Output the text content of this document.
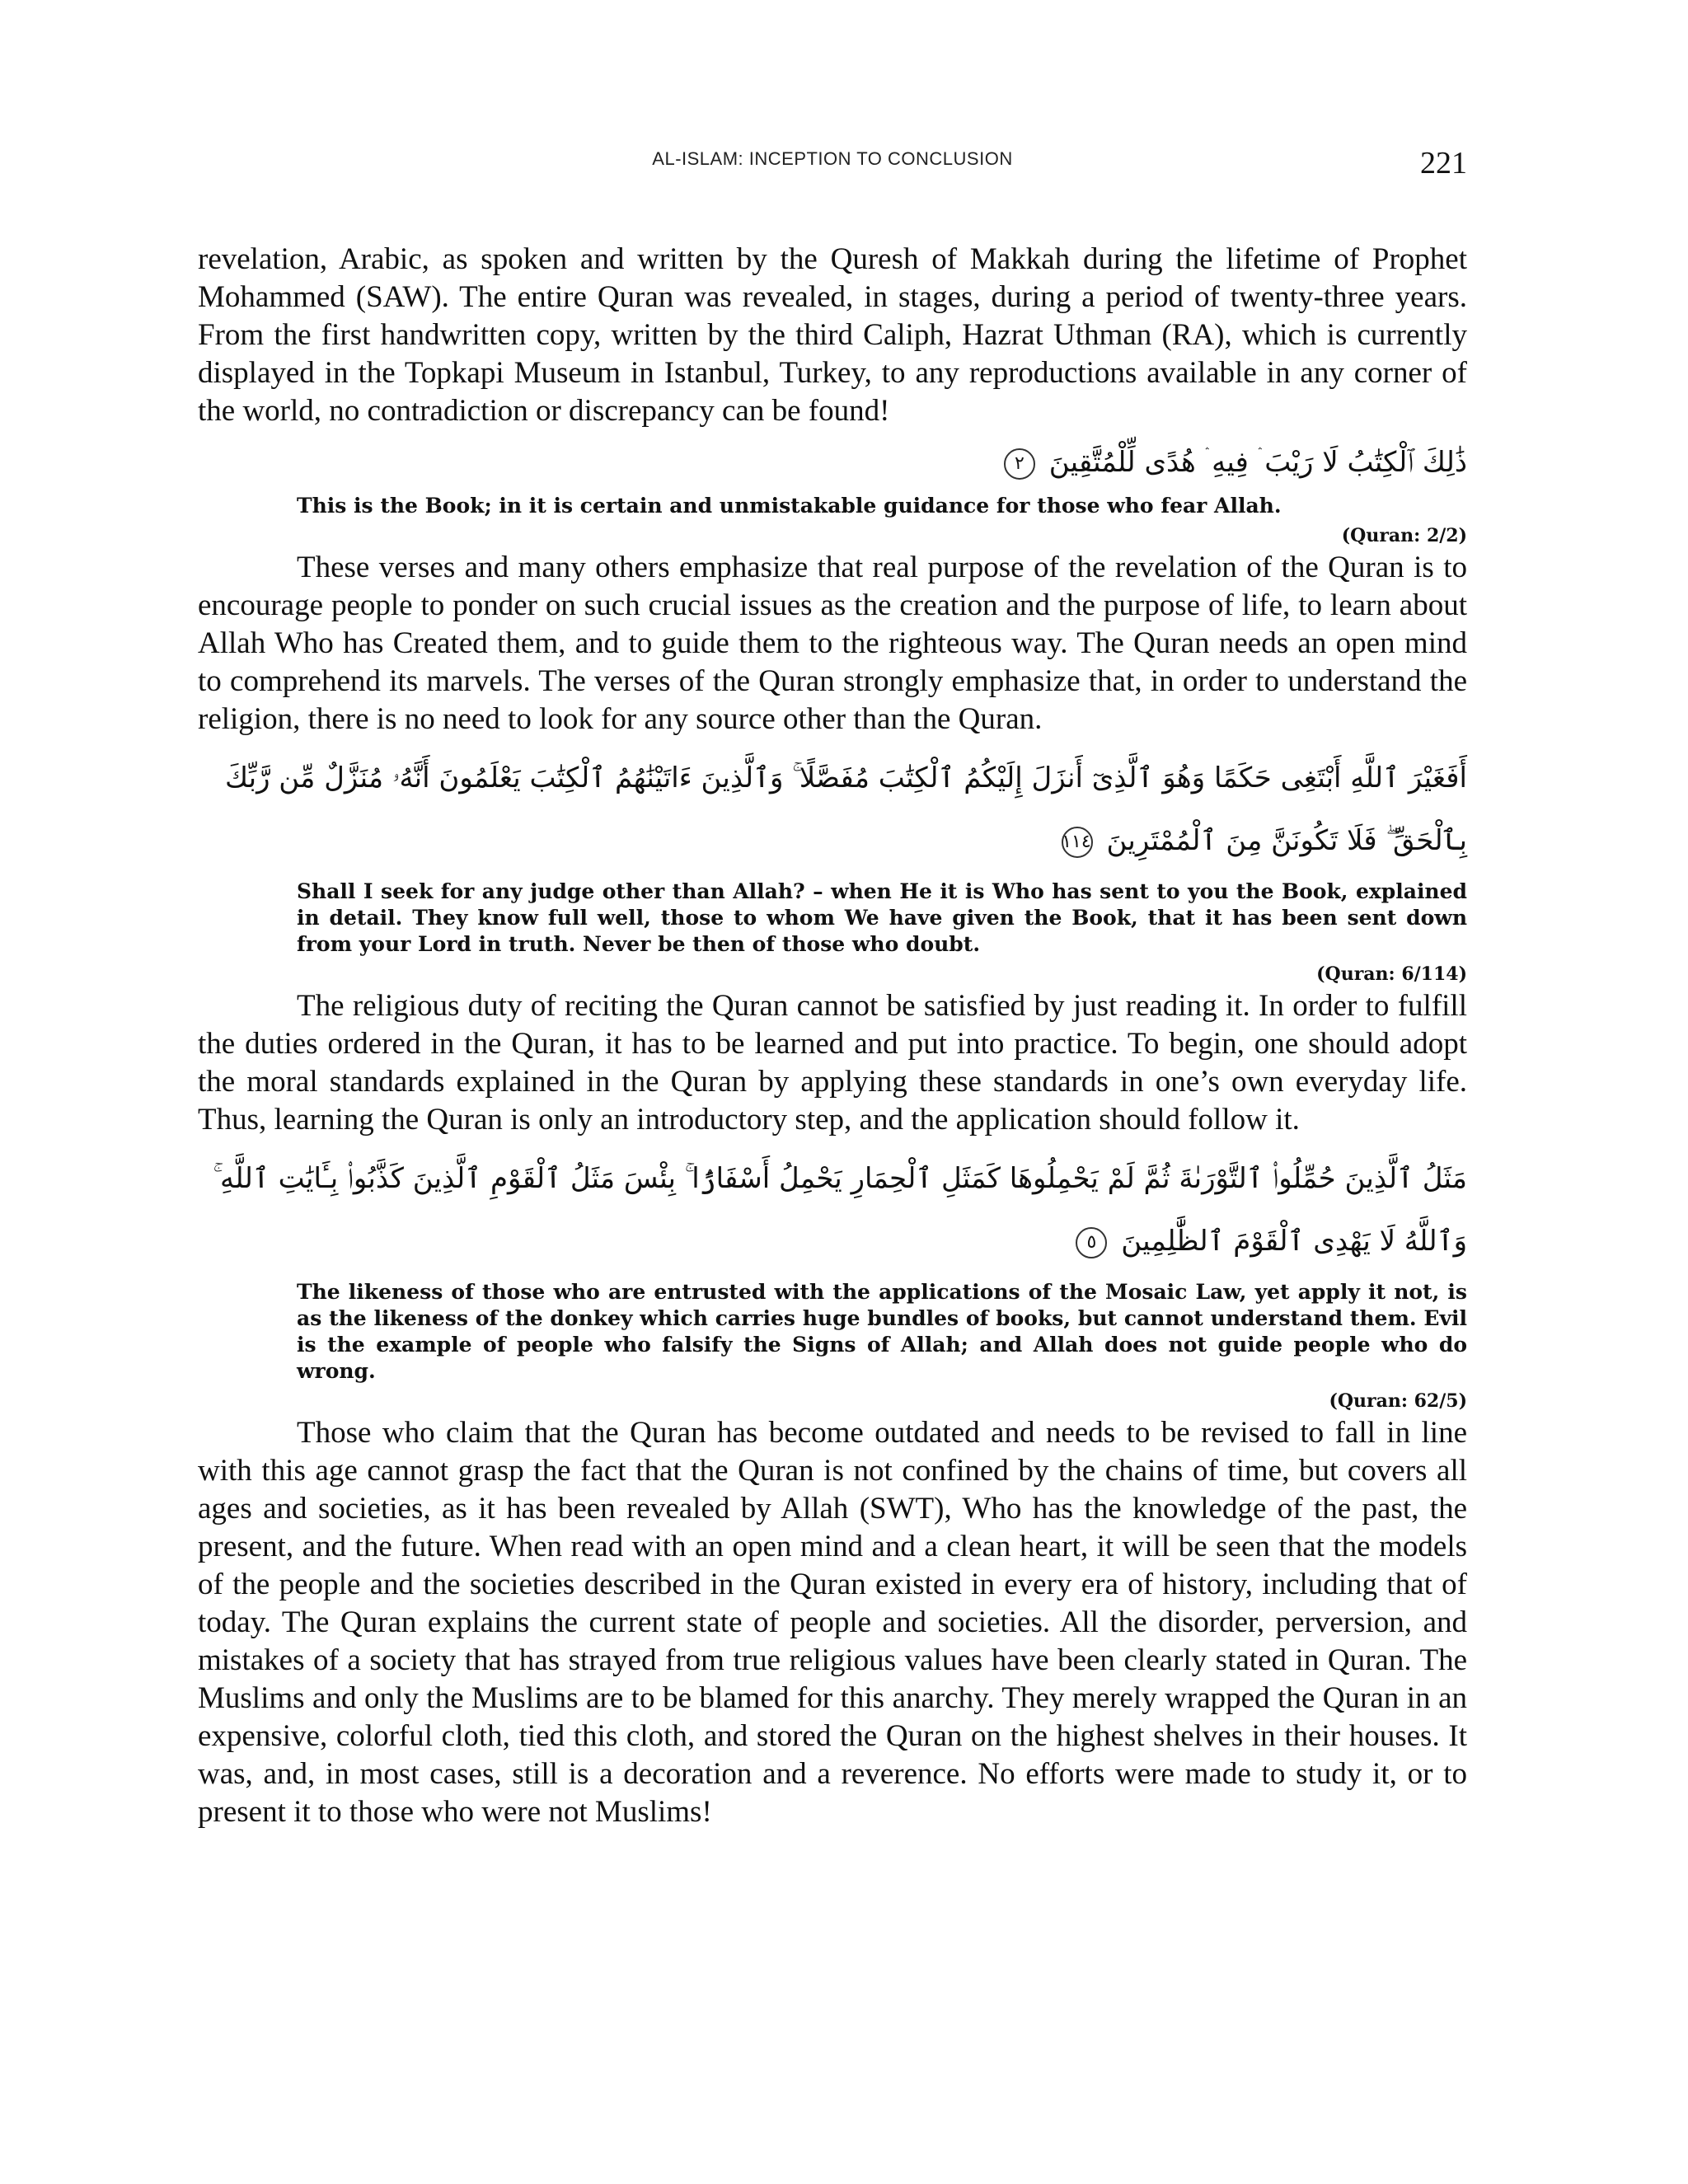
AL-ISLAM: INCEPTION TO CONCLUSION	221

revelation, Arabic, as spoken and written by the Quresh of Makkah during the lifetime of Prophet Mohammed (SAW). The entire Quran was revealed, in stages, during a period of twenty-three years. From the first handwritten copy, written by the third Caliph, Hazrat Uthman (RA), which is currently displayed in the Topkapi Museum in Istanbul, Turkey, to any reproductions available in any corner of the world, no contradiction or discrepancy can be found!

ذَٰلِكَ ٱلْكِتَٰبُ لَا رَيْبَ ۛ فِيهِ ۛ هُدًى لِّلْمُتَّقِينَ ٢

This is the Book; in it is certain and unmistakable guidance for those who fear Allah.

(Quran: 2/2)

These verses and many others emphasize that real purpose of the revelation of the Quran is to encourage people to ponder on such crucial issues as the creation and the purpose of life, to learn about Allah Who has Created them, and to guide them to the righteous way. The Quran needs an open mind to comprehend its marvels. The verses of the Quran strongly emphasize that, in order to understand the religion, there is no need to look for any source other than the Quran.

أَفَغَيْرَ ٱللَّهِ أَبْتَغِى حَكَمًا وَهُوَ ٱلَّذِىٓ أَنزَلَ إِلَيْكُمُ ٱلْكِتَٰبَ مُفَصَّلًا ۚ وَٱلَّذِينَ ءَاتَيْنَٰهُمُ ٱلْكِتَٰبَ يَعْلَمُونَ أَنَّهُۥ مُنَزَّلٌ مِّن رَّبِّكَ بِٱلْحَقِّ ۖ فَلَا تَكُونَنَّ مِنَ ٱلْمُمْتَرِينَ ١١٤

Shall I seek for any judge other than Allah? – when He it is Who has sent to you the Book, explained in detail. They know full well, those to whom We have given the Book, that it has been sent down from your Lord in truth. Never be then of those who doubt.

(Quran: 6/114)

The religious duty of reciting the Quran cannot be satisfied by just reading it. In order to fulfill the duties ordered in the Quran, it has to be learned and put into practice. To begin, one should adopt the moral standards explained in the Quran by applying these standards in one’s own everyday life. Thus, learning the Quran is only an introductory step, and the application should follow it.

مَثَلُ ٱلَّذِينَ حُمِّلُوا۟ ٱلتَّوْرَىٰةَ ثُمَّ لَمْ يَحْمِلُوهَا كَمَثَلِ ٱلْحِمَارِ يَحْمِلُ أَسْفَارًۢا ۚ بِئْسَ مَثَلُ ٱلْقَوْمِ ٱلَّذِينَ كَذَّبُوا۟ بِـَٔايَٰتِ ٱللَّهِ ۚ وَٱللَّهُ لَا يَهْدِى ٱلْقَوْمَ ٱلظَّٰلِمِينَ ٥

The likeness of those who are entrusted with the applications of the Mosaic Law, yet apply it not, is as the likeness of the donkey which carries huge bundles of books, but cannot understand them. Evil is the example of people who falsify the Signs of Allah; and Allah does not guide people who do wrong.

(Quran: 62/5)

Those who claim that the Quran has become outdated and needs to be revised to fall in line with this age cannot grasp the fact that the Quran is not confined by the chains of time, but covers all ages and societies, as it has been revealed by Allah (SWT), Who has the knowledge of the past, the present, and the future. When read with an open mind and a clean heart, it will be seen that the models of the people and the societies described in the Quran existed in every era of history, including that of today. The Quran explains the current state of people and societies. All the disorder, perversion, and mistakes of a society that has strayed from true religious values have been clearly stated in Quran. The Muslims and only the Muslims are to be blamed for this anarchy. They merely wrapped the Quran in an expensive, colorful cloth, tied this cloth, and stored the Quran on the highest shelves in their houses. It was, and, in most cases, still is a decoration and a reverence. No efforts were made to study it, or to present it to those who were not Muslims!
